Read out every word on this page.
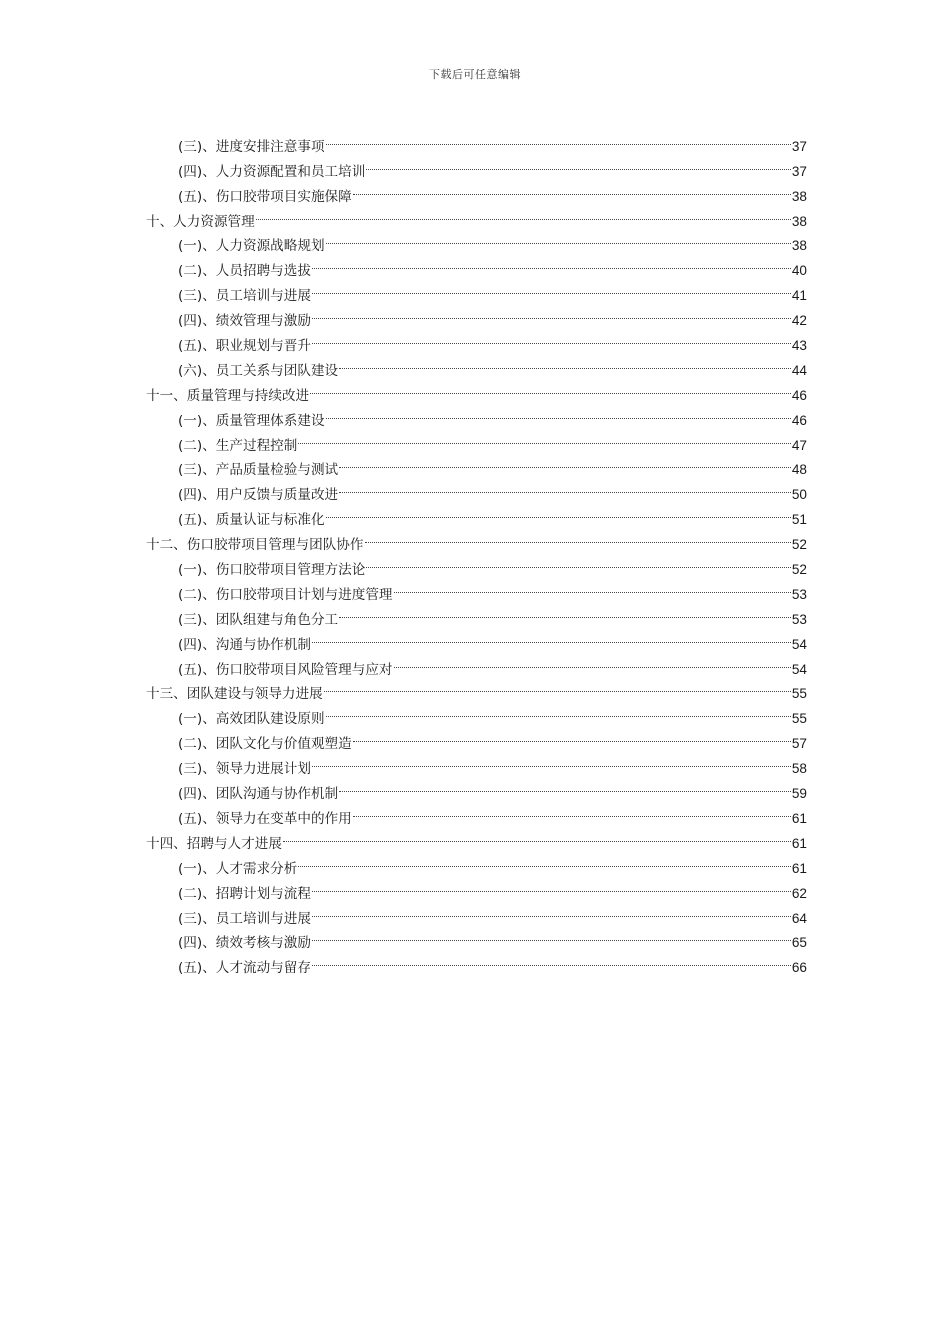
下载后可任意编辑
(三)、进度安排注意事项	37
(四)、人力资源配置和员工培训	37
(五)、伤口胶带项目实施保障	38
十、人力资源管理	38
(一)、人力资源战略规划	38
(二)、人员招聘与选拔	40
(三)、员工培训与进展	41
(四)、绩效管理与激励	42
(五)、职业规划与晋升	43
(六)、员工关系与团队建设	44
十一、质量管理与持续改进	46
(一)、质量管理体系建设	46
(二)、生产过程控制	47
(三)、产品质量检验与测试	48
(四)、用户反馈与质量改进	50
(五)、质量认证与标准化	51
十二、伤口胶带项目管理与团队协作	52
(一)、伤口胶带项目管理方法论	52
(二)、伤口胶带项目计划与进度管理	53
(三)、团队组建与角色分工	53
(四)、沟通与协作机制	54
(五)、伤口胶带项目风险管理与应对	54
十三、团队建设与领导力进展	55
(一)、高效团队建设原则	55
(二)、团队文化与价值观塑造	57
(三)、领导力进展计划	58
(四)、团队沟通与协作机制	59
(五)、领导力在变革中的作用	61
十四、招聘与人才进展	61
(一)、人才需求分析	61
(二)、招聘计划与流程	62
(三)、员工培训与进展	64
(四)、绩效考核与激励	65
(五)、人才流动与留存	66
